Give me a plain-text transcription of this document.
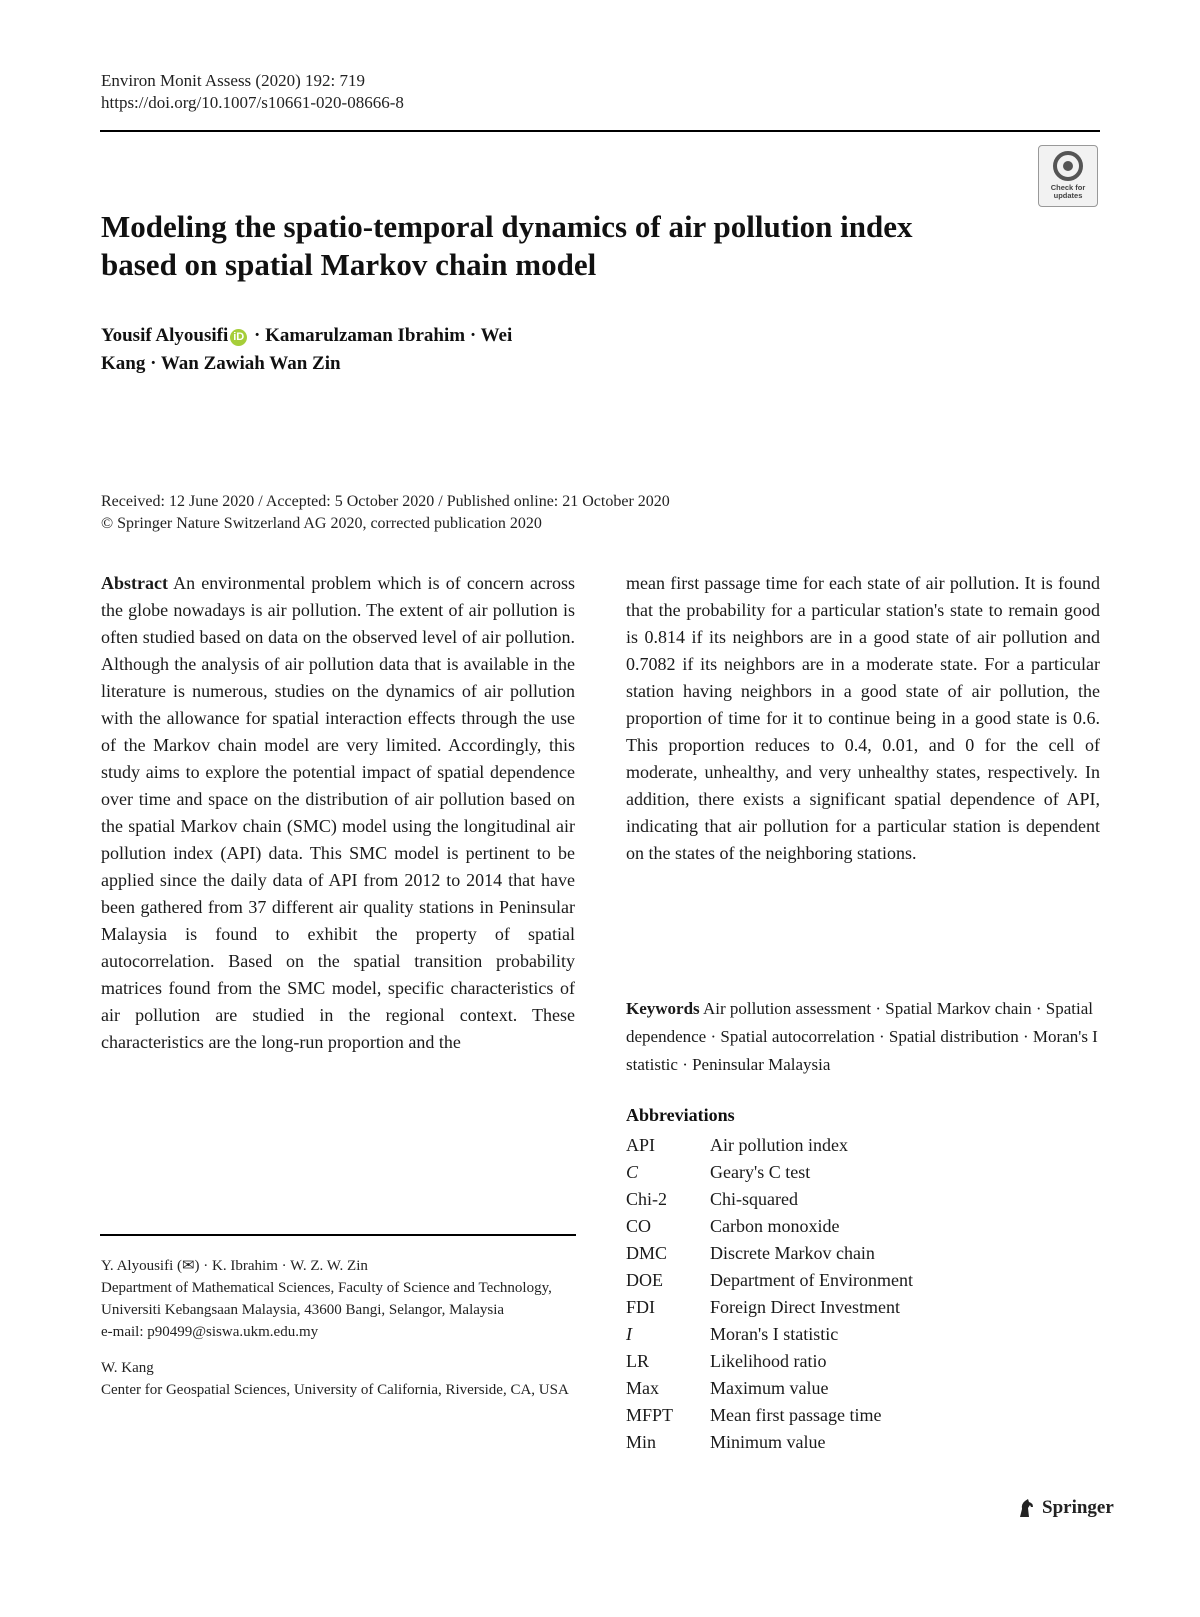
Environ Monit Assess (2020) 192: 719
https://doi.org/10.1007/s10661-020-08666-8
Check for
updates
Modeling the spatio-temporal dynamics of air pollution index based on spatial Markov chain model
Yousif Alyousifi iD · Kamarulzaman Ibrahim · Wei
Kang · Wan Zawiah Wan Zin
Received: 12 June 2020 / Accepted: 5 October 2020 / Published online: 21 October 2020
© Springer Nature Switzerland AG 2020, corrected publication 2020
Abstract An environmental problem which is of concern across the globe nowadays is air pollution. The extent of air pollution is often studied based on data on the observed level of air pollution. Although the analysis of air pollution data that is available in the literature is numerous, studies on the dynamics of air pollution with the allowance for spatial interaction effects through the use of the Markov chain model are very limited. Accordingly, this study aims to explore the potential impact of spatial dependence over time and space on the distribution of air pollution based on the spatial Markov chain (SMC) model using the longitudinal air pollution index (API) data. This SMC model is pertinent to be applied since the daily data of API from 2012 to 2014 that have been gathered from 37 different air quality stations in Peninsular Malaysia is found to exhibit the property of spatial autocorrelation. Based on the spatial transition probability matrices found from the SMC model, specific characteristics of air pollution are studied in the regional context. These characteristics are the long-run proportion and the
mean first passage time for each state of air pollution. It is found that the probability for a particular station's state to remain good is 0.814 if its neighbors are in a good state of air pollution and 0.7082 if its neighbors are in a moderate state. For a particular station having neighbors in a good state of air pollution, the proportion of time for it to continue being in a good state is 0.6. This proportion reduces to 0.4, 0.01, and 0 for the cell of moderate, unhealthy, and very unhealthy states, respectively. In addition, there exists a significant spatial dependence of API, indicating that air pollution for a particular station is dependent on the states of the neighboring stations.
Keywords Air pollution assessment · Spatial Markov chain · Spatial dependence · Spatial autocorrelation · Spatial distribution · Moran's I statistic · Peninsular Malaysia
Abbreviations
API	Air pollution index
C	Geary's C test
Chi-2	Chi-squared
CO	Carbon monoxide
DMC	Discrete Markov chain
DOE	Department of Environment
FDI	Foreign Direct Investment
I	Moran's I statistic
LR	Likelihood ratio
Max	Maximum value
MFPT	Mean first passage time
Min	Minimum value

Y. Alyousifi (✉) · K. Ibrahim · W. Z. W. Zin

Department of Mathematical Sciences, Faculty of Science and Technology, Universiti Kebangsaan Malaysia, 43600 Bangi, Selangor, Malaysia

e-mail: p90499@siswa.ukm.edu.my

W. Kang

Center for Geospatial Sciences, University of California, Riverside, CA, USA

Springer
